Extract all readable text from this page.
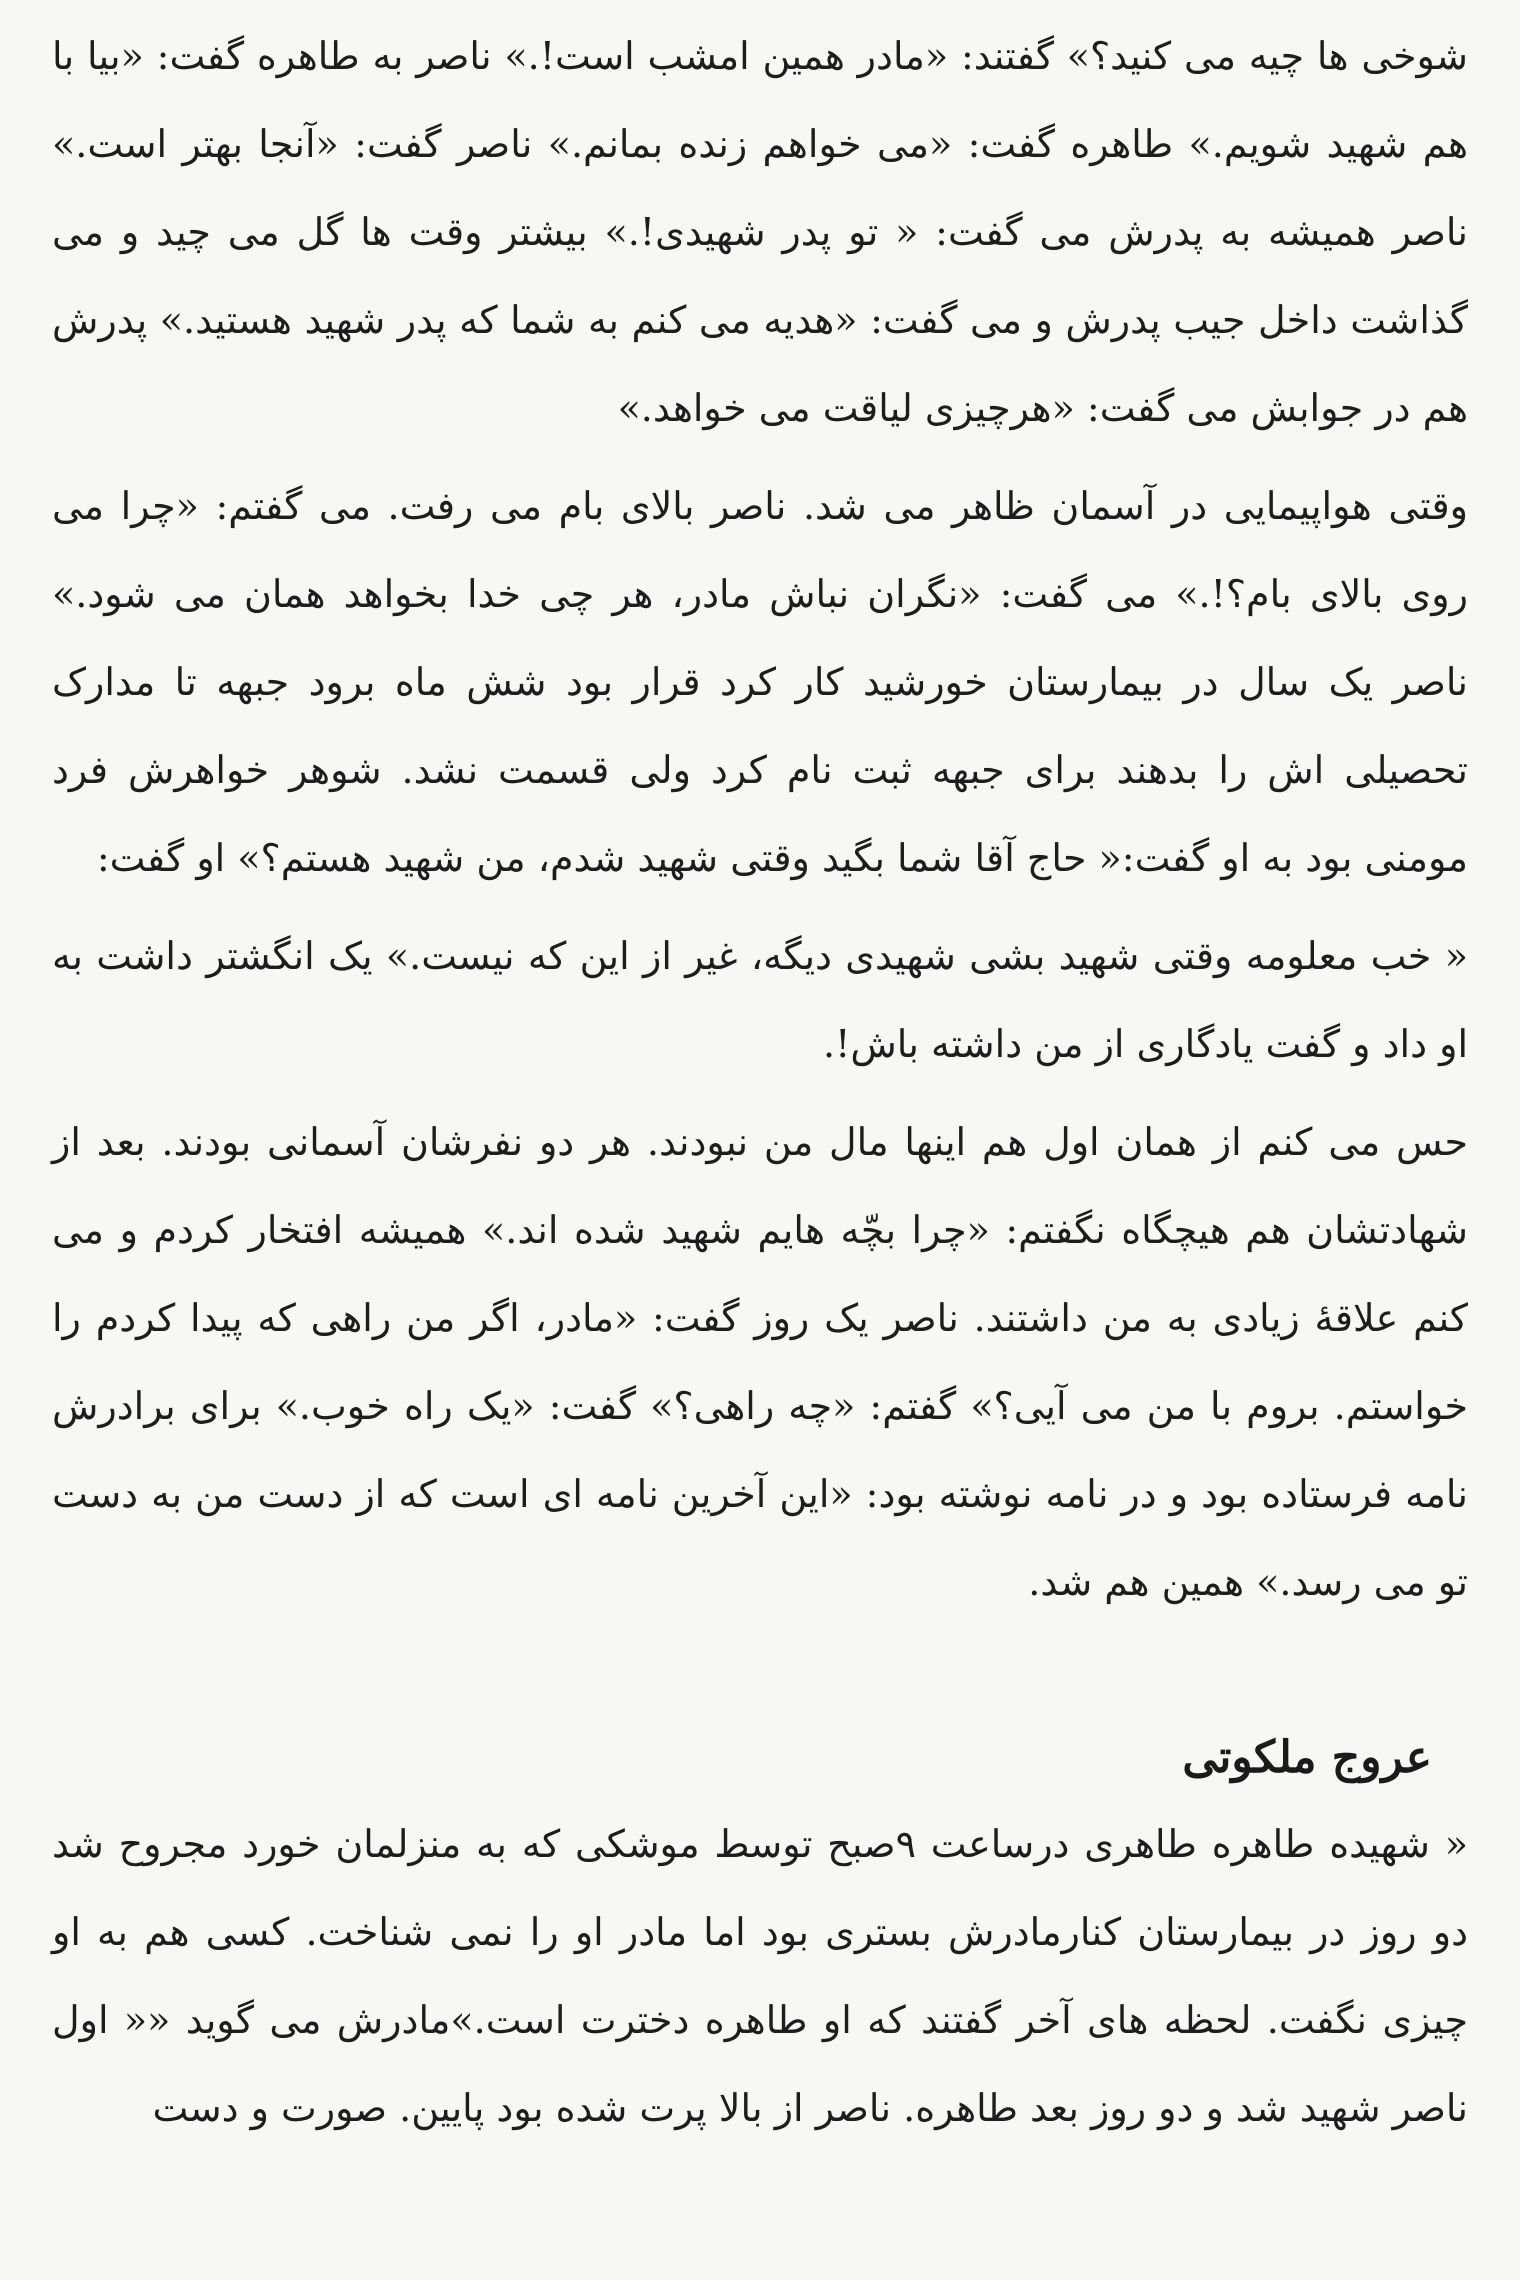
شوخی ها چیه می کنید؟» گفتند: «مادر همین امشب است!.» ناصر به طاهره گفت: «بیا با هم شهید شویم.» طاهره گفت: «می خواهم زنده بمانم.» ناصر گفت: «آنجا بهتر است.» ناصر همیشه به پدرش می گفت: « تو پدر شهیدی!.» بیشتر وقت ها گل می چید و می گذاشت داخل جیب پدرش و می گفت: «هدیه می کنم به شما که پدر شهید هستید.» پدرش هم در جوابش می گفت: «هرچیزی لیاقت می خواهد.»

وقتی هواپیمایی در آسمان ظاهر می شد. ناصر بالای بام می رفت. می گفتم: «چرا می روی بالای بام؟!.» می گفت: «نگران نباش مادر، هر چی خدا بخواهد همان می شود.» ناصر یک سال در بیمارستان خورشید کار کرد قرار بود شش ماه برود جبهه تا مدارک تحصیلی اش را بدهند برای جبهه ثبت نام کرد ولی قسمت نشد. شوهر خواهرش فرد مومنی بود به او گفت:« حاج آقا شما بگید وقتی شهید شدم، من شهید هستم؟» او گفت:

« خب معلومه وقتی شهید بشی شهیدی دیگه، غیر از این که نیست.» یک انگشتر داشت به او داد و گفت یادگاری از من داشته باش!.

حس می کنم از همان اول هم اینها مال من نبودند. هر دو نفرشان آسمانی بودند. بعد از شهادتشان هم هیچگاه نگفتم: «چرا بچّه هایم شهید شده اند.» همیشه افتخار کردم و می کنم علاقهٔ زیادی به من داشتند. ناصر یک روز گفت: «مادر، اگر من راهی که پیدا کردم را خواستم. بروم با من می آیی؟» گفتم: «چه راهی؟» گفت: «یک راه خوب.» برای برادرش نامه فرستاده بود و در نامه نوشته بود: «این آخرین نامه ای است که از دست من به دست تو می رسد.» همین هم شد.

عروج ملکوتی

« شهیده طاهره طاهری درساعت ۹صبح توسط موشکی که به منزلمان خورد مجروح شد دو روز در بیمارستان کنارمادرش بستری بود اما مادر او را نمی شناخت. کسی هم به او چیزی نگفت. لحظه های آخر گفتند که او طاهره دخترت است.»مادرش می گوید «« اول ناصر شهید شد و دو روز بعد طاهره. ناصر از بالا پرت شده بود پایین. صورت و دست
